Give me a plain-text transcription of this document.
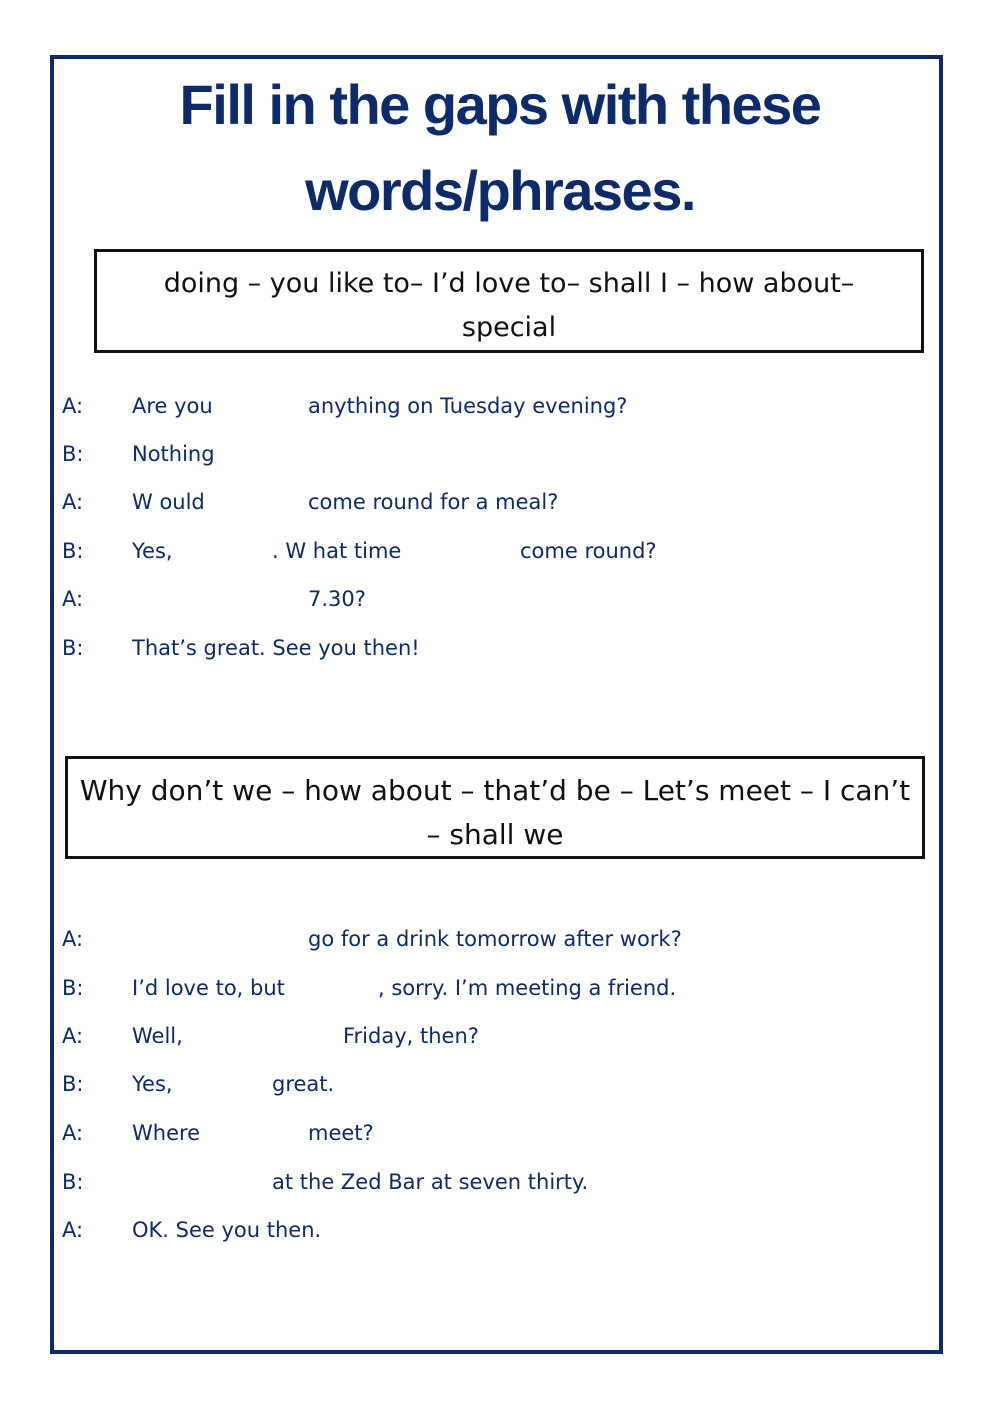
Fill in the gaps with these
words/phrases.
doing – you like to– I’d love to– shall I – how about–
special
Why don’t we – how about – that’d be – Let’s meet – I can’t
– shall we
A: Are you	anything on Tuesday evening?
B: Nothing
A: W ould	come round for a meal?
B: Yes,	. W hat time	come round?
A:	7.30?
B: That’s great. See you then!
A:	go for a drink tomorrow after work?
B: I’d love to, but	, sorry. I’m meeting a friend.
A: Well,	Friday, then?
B: Yes,	great.
A: Where	meet?
B:	at the Zed Bar at seven thirty.
A: OK. See you then.
